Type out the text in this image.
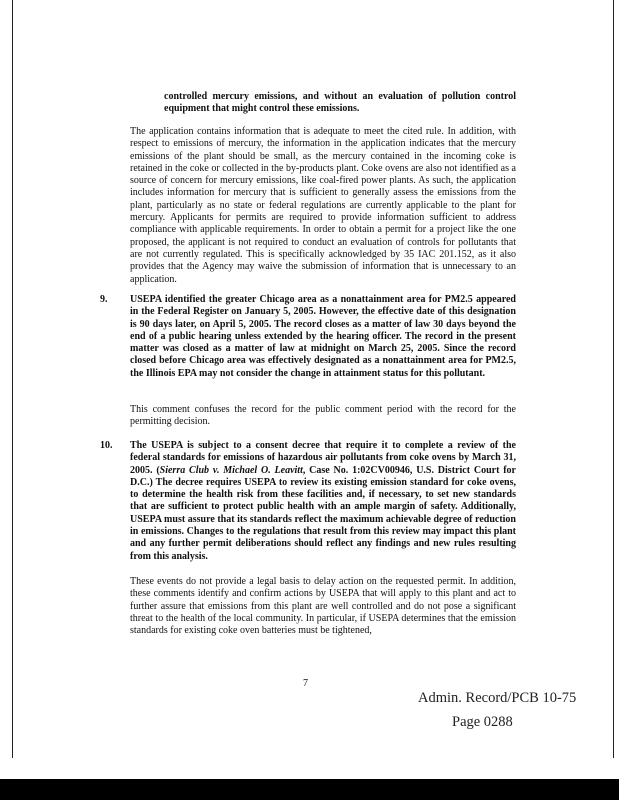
controlled mercury emissions, and without an evaluation of pollution control equipment that might control these emissions.
The application contains information that is adequate to meet the cited rule. In addition, with respect to emissions of mercury, the information in the application indicates that the mercury emissions of the plant should be small, as the mercury contained in the incoming coke is retained in the coke or collected in the by-products plant. Coke ovens are also not identified as a source of concern for mercury emissions, like coal-fired power plants. As such, the application includes information for mercury that is sufficient to generally assess the emissions from the plant, particularly as no state or federal regulations are currently applicable to the plant for mercury. Applicants for permits are required to provide information sufficient to address compliance with applicable requirements. In order to obtain a permit for a project like the one proposed, the applicant is not required to conduct an evaluation of controls for pollutants that are not currently regulated. This is specifically acknowledged by 35 IAC 201.152, as it also provides that the Agency may waive the submission of information that is unnecessary to an application.
9. USEPA identified the greater Chicago area as a nonattainment area for PM2.5 appeared in the Federal Register on January 5, 2005. However, the effective date of this designation is 90 days later, on April 5, 2005. The record closes as a matter of law 30 days beyond the end of a public hearing unless extended by the hearing officer. The record in the present matter was closed as a matter of law at midnight on March 25, 2005. Since the record closed before Chicago area was effectively designated as a nonattainment area for PM2.5, the Illinois EPA may not consider the change in attainment status for this pollutant.
This comment confuses the record for the public comment period with the record for the permitting decision.
10. The USEPA is subject to a consent decree that require it to complete a review of the federal standards for emissions of hazardous air pollutants from coke ovens by March 31, 2005. (Sierra Club v. Michael O. Leavitt, Case No. 1:02CV00946, U.S. District Court for D.C.) The decree requires USEPA to review its existing emission standard for coke ovens, to determine the health risk from these facilities and, if necessary, to set new standards that are sufficient to protect public health with an ample margin of safety. Additionally, USEPA must assure that its standards reflect the maximum achievable degree of reduction in emissions. Changes to the regulations that result from this review may impact this plant and any further permit deliberations should reflect any findings and new rules resulting from this analysis.
These events do not provide a legal basis to delay action on the requested permit. In addition, these comments identify and confirm actions by USEPA that will apply to this plant and act to further assure that emissions from this plant are well controlled and do not pose a significant threat to the health of the local community. In particular, if USEPA determines that the emission standards for existing coke oven batteries must be tightened,
7
Admin. Record/PCB 10-75
Page 0288
